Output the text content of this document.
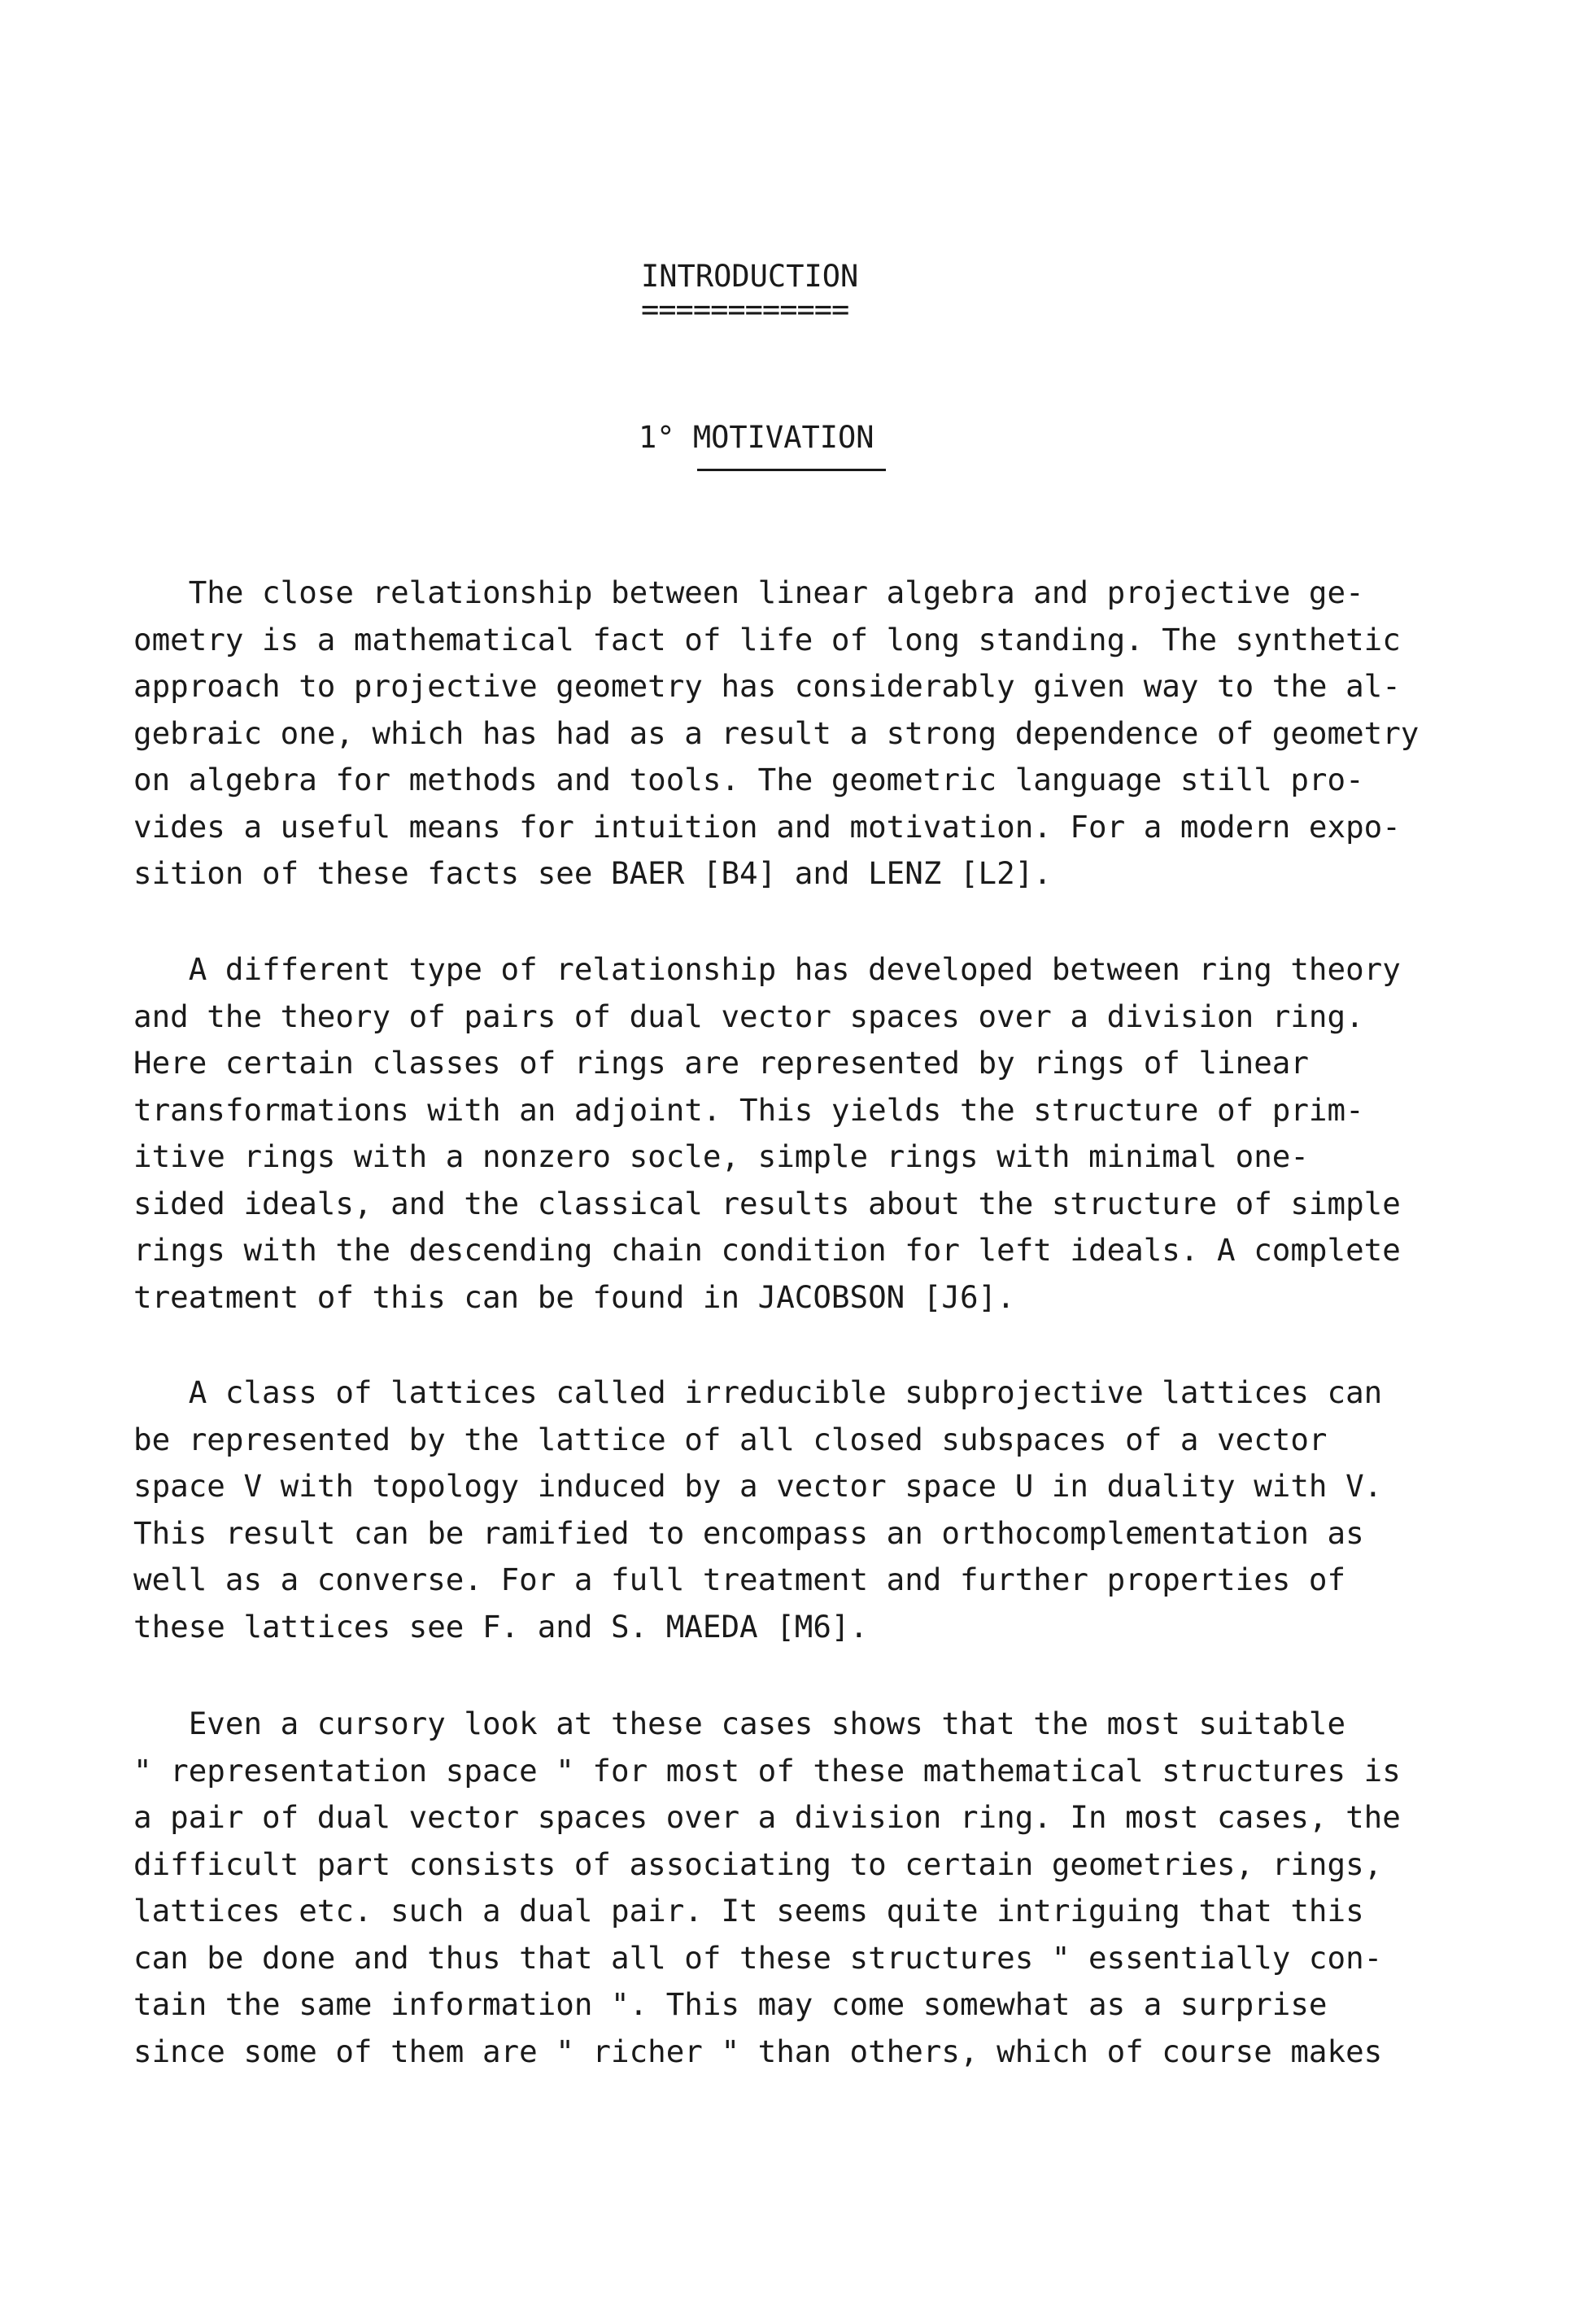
INTRODUCTION
============
1° MOTIVATION

The close relationship between linear algebra and projective ge-
ometry is a mathematical fact of life of long standing. The synthetic
approach to projective geometry has considerably given way to the al-
gebraic one, which has had as a result a strong dependence of geometry
on algebra for methods and tools. The geometric language still pro-
vides a useful means for intuition and motivation. For a modern expo-
sition of these facts see BAER [B4] and LENZ [L2].

A different type of relationship has developed between ring theory
and the theory of pairs of dual vector spaces over a division ring.
Here certain classes of rings are represented by rings of linear
transformations with an adjoint. This yields the structure of prim-
itive rings with a nonzero socle, simple rings with minimal one-
sided ideals, and the classical results about the structure of simple
rings with the descending chain condition for left ideals. A complete
treatment of this can be found in JACOBSON [J6].

A class of lattices called irreducible subprojective lattices can
be represented by the lattice of all closed subspaces of a vector
space V with topology induced by a vector space U in duality with V.
This result can be ramified to encompass an orthocomplementation as
well as a converse. For a full treatment and further properties of
these lattices see F. and S. MAEDA [M6].

Even a cursory look at these cases shows that the most suitable
" representation space " for most of these mathematical structures is
a pair of dual vector spaces over a division ring. In most cases, the
difficult part consists of associating to certain geometries, rings,
lattices etc. such a dual pair. It seems quite intriguing that this
can be done and thus that all of these structures " essentially con-
tain the same information ". This may come somewhat as a surprise
since some of them are " richer " than others, which of course makes
